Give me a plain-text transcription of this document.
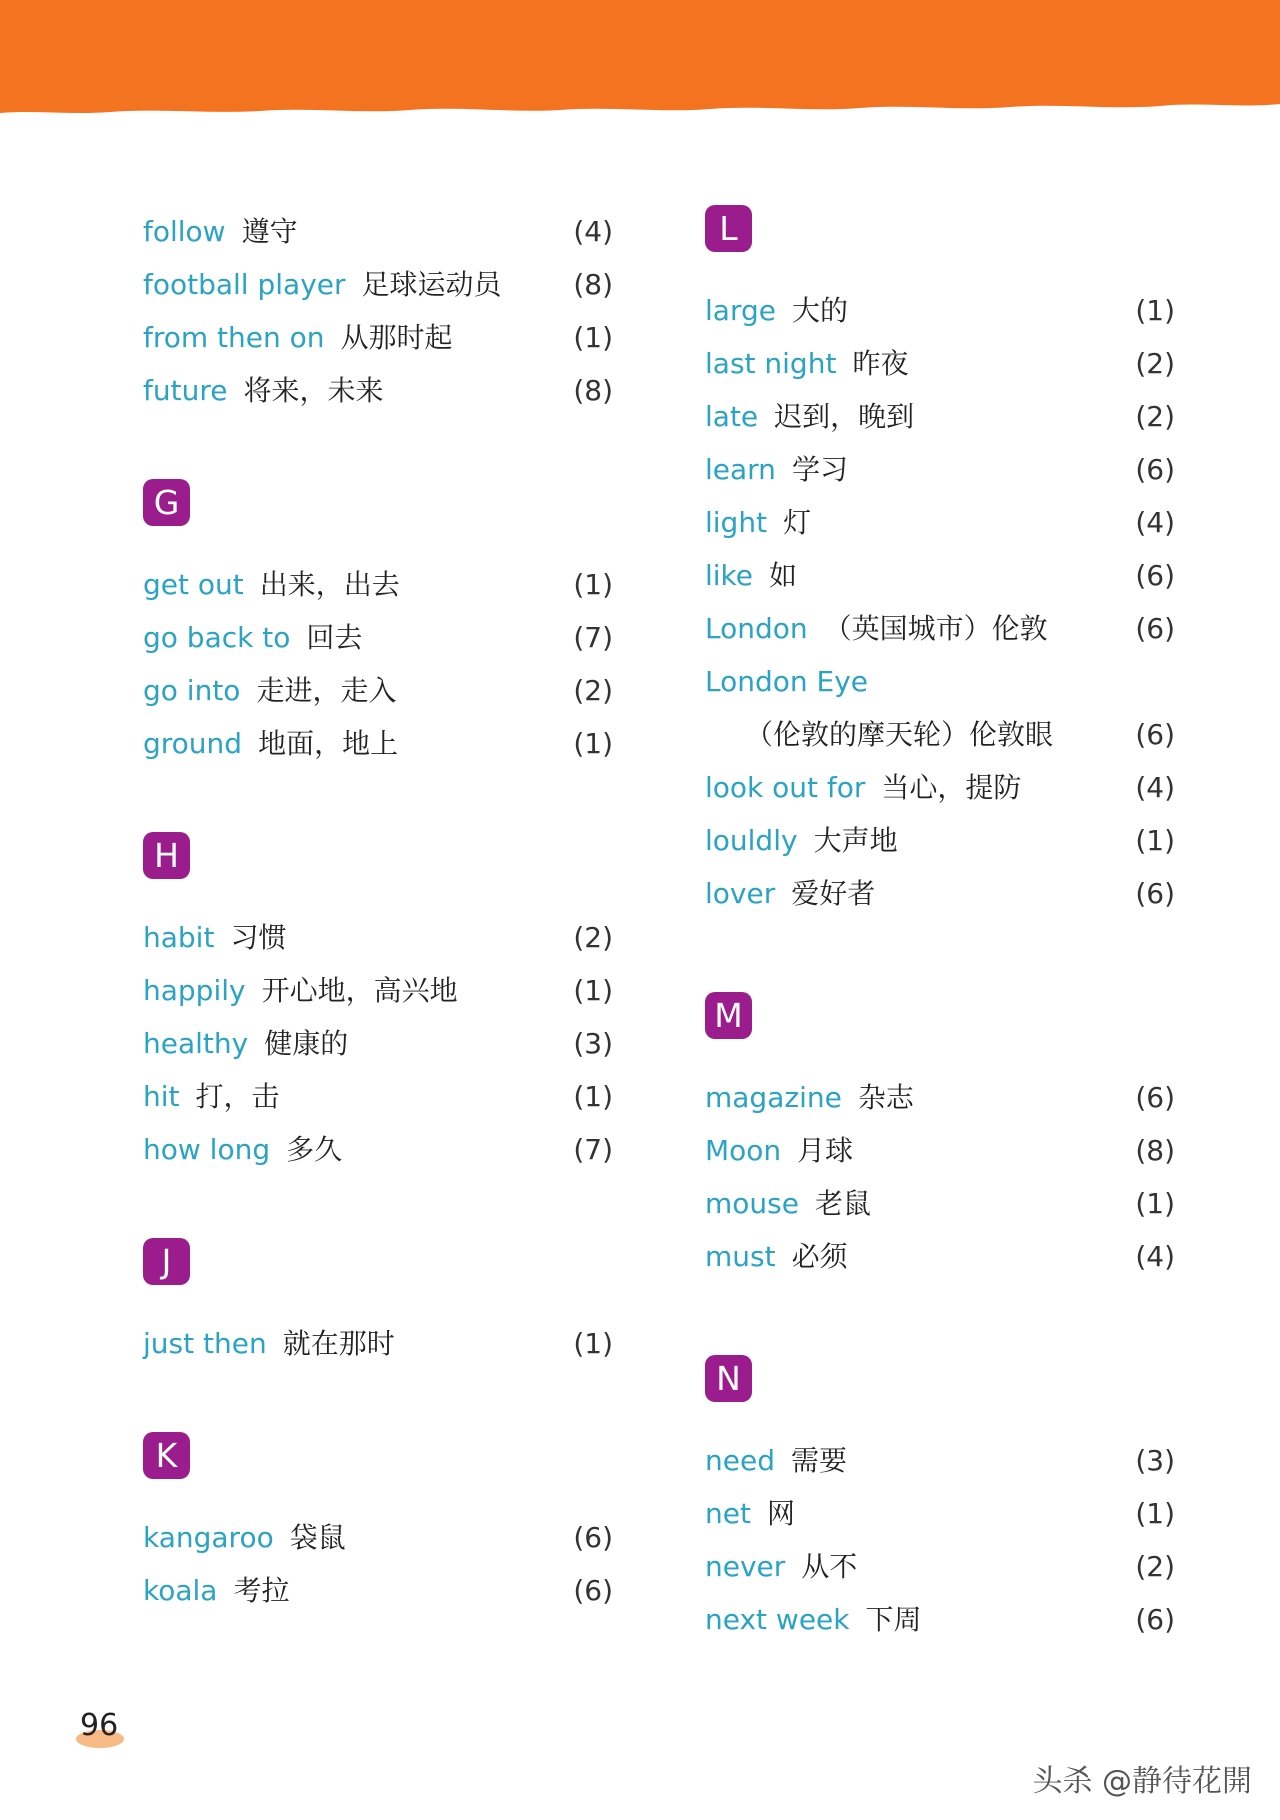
follow 遵守	(4)
football player 足球运动员	(8)
from then on 从那时起	(1)
future 将来，未来	(8)
G
get out 出来，出去	(1)
go back to 回去	(7)
go into 走进，走入	(2)
ground 地面，地上	(1)
H
habit 习惯	(2)
happily 开心地，高兴地	(1)
healthy 健康的	(3)
hit 打，击	(1)
how long 多久	(7)
J
just then 就在那时	(1)
K
kangaroo 袋鼠	(6)
koala 考拉	(6)
L
large 大的	(1)
last night 昨夜	(2)
late 迟到，晚到	(2)
learn 学习	(6)
light 灯	(4)
like 如	(6)
London （英国城市）伦敦	(6)
London Eye
（伦敦的摩天轮）伦敦眼	(6)
look out for 当心，提防	(4)
louldly 大声地	(1)
lover 爱好者	(6)
M
magazine 杂志	(6)
Moon 月球	(8)
mouse 老鼠	(1)
must 必须	(4)
N
need 需要	(3)
net 网	(1)
never 从不	(2)
next week 下周	(6)
96
头杀 @静待花開
